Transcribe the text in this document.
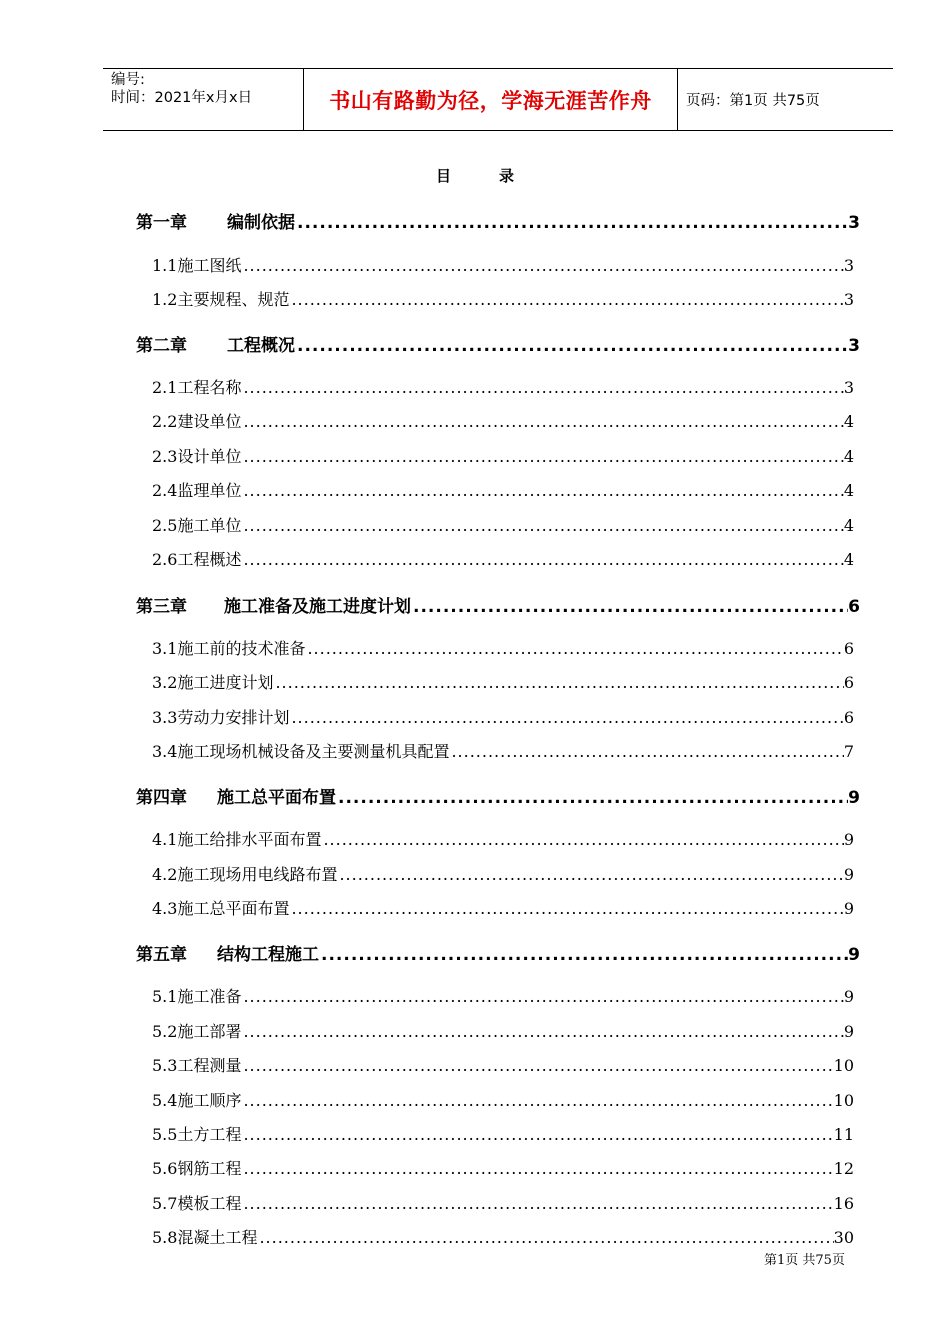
编号:
时间：2021年x月x日	书山有路勤为径，学海无涯苦作舟 页码：第1页 共75页
目	录
第一章 编制依据 .....	3
1.1施工图纸 .....	3
1.2主要规程、规范 .....	3
第二章 工程概况 .....	3
2.1工程名称 .....	3
2.2建设单位 .....	4
2.3设计单位 .....	4
2.4监理单位 .....	4
2.5施工单位 .....	4
2.6工程概述 .....	4
第三章 施工准备及施工进度计划 .....	6
3.1施工前的技术准备 .....	6
3.2施工进度计划 .....	6
3.3劳动力安排计划 .....	6
3.4施工现场机械设备及主要测量机具配置 .....	7
第四章 施工总平面布置 .....	9
4.1施工给排水平面布置 .....	9
4.2施工现场用电线路布置 .....	9
4.3施工总平面布置 .....	9
第五章 结构工程施工 .....	9
5.1施工准备 .....	9
5.2施工部署 .....	9
5.3工程测量 .....	10
5.4施工顺序 .....	10
5.5土方工程 .....	11
5.6钢筋工程 .....	12
5.7模板工程 .....	16
5.8混凝土工程 .....	30
第1页 共75页
